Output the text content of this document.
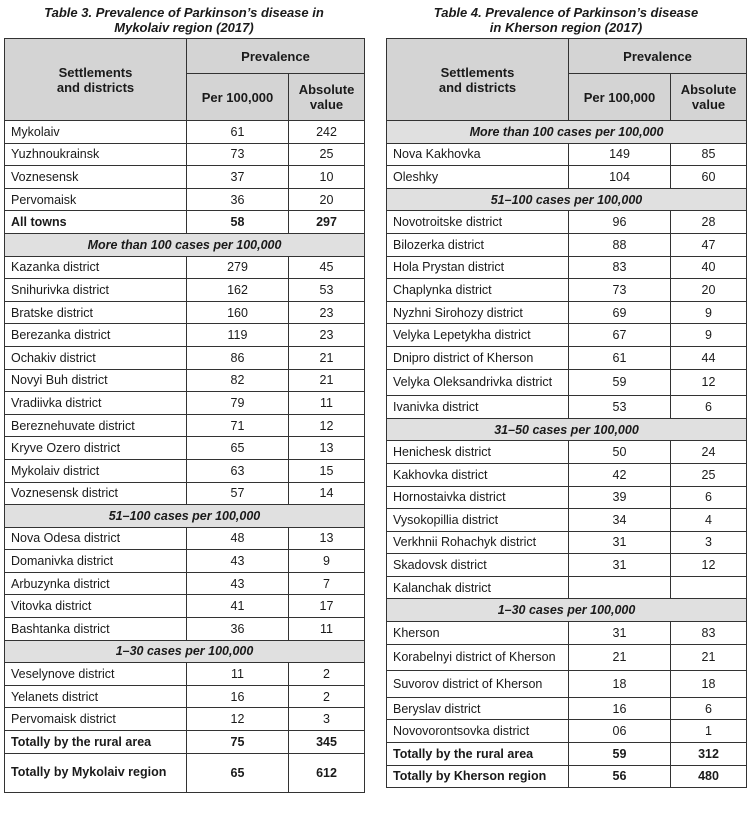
Table 3. Prevalence of Parkinson’s disease in
Mykolaiv region (2017)
Settlements
and districts	Prevalence	
	Per 100,000	Absolute
value

Mykolaiv	61	242
Yuzhnoukrainsk	73	25
Voznesensk	37	10
Pervomaisk	36	20
All towns	58	297
More than 100 cases per 100,000		
Kazanka district	279	45
Snihurivka district	162	53
Bratske district	160	23
Berezanka district	119	23
Ochakiv district	86	21
Novyi Buh district	82	21
Vradiivka district	79	11
Bereznehuvate district	71	12
Kryve Ozero district	65	13
Mykolaiv district	63	15
Voznesensk district	57	14
51–100 cases per 100,000		
Nova Odesa district	48	13
Domanivka district	43	9
Arbuzynka district	43	7
Vitovka district	41	17
Bashtanka district	36	11
1–30 cases per 100,000		
Veselynove district	11	2
Yelanets district	16	2
Pervomaisk district	12	3
Totally by the rural area	75	345
Totally by Mykolaiv region	65	612
Table 4. Prevalence of Parkinson’s disease
in Kherson region (2017)
Settlements
and districts	Prevalence	
	Per 100,000	Absolute
value

More than 100 cases per 100,000		
Nova Kakhovka	149	85
Oleshky	104	60
51–100 cases per 100,000		
Novotroitske district	96	28
Bilozerka district	88	47
Hola Prystan district	83	40
Chaplynka district	73	20
Nyzhni Sirohozy district	69	9
Velyka Lepetykha district	67	9
Dnipro district of Kherson	61	44
Velyka Oleksandrivka district	59	12
Ivanivka district	53	6
31–50 cases per 100,000		
Henichesk district	50	24
Kakhovka district	42	25
Hornostaivka district	39	6
Vysokopillia district	34	4
Verkhnii Rohachyk district	31	3
Skadovsk district	31	12
Kalanchak district		
1–30 cases per 100,000		
Kherson	31	83
Korabelnyi district of Kherson	21	21
Suvorov district of Kherson	18	18
Beryslav district	16	6
Novovorontsovka district	06	1
Totally by the rural area	59	312
Totally by Kherson region	56	480
